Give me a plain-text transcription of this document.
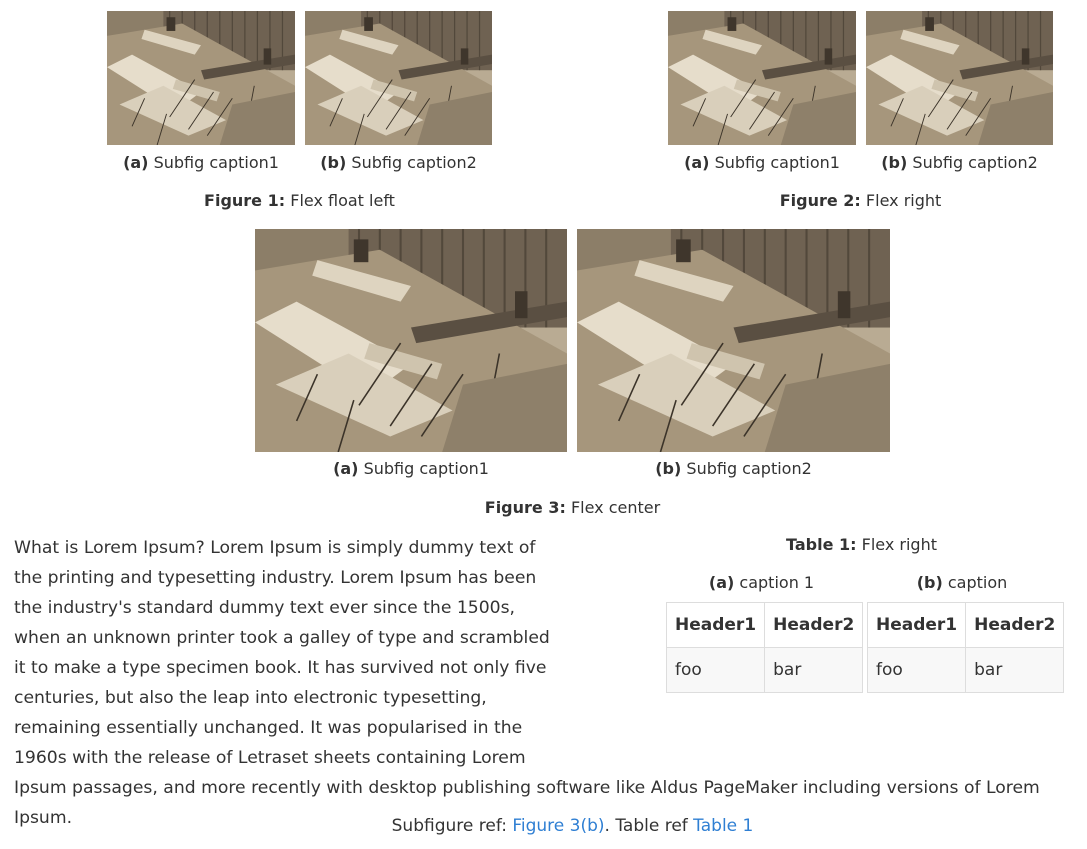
(a) Subfig caption1	(b) Subfig caption2
Figure 1: Flex float left
(a) Subfig caption1	(b) Subfig caption2
Figure 2: Flex right
(a) Subfig caption1	(b) Subfig caption2
Figure 3: Flex center
What is Lorem Ipsum? Lorem Ipsum is simply dummy text of the printing and typesetting industry. Lorem Ipsum has been the industry's standard dummy text ever since the 1500s, when an unknown printer took a galley of type and scrambled it to make a type specimen book. It has survived not only five centuries, but also the leap into electronic typesetting, remaining essentially unchanged. It was popularised in the 1960s with the release of Letraset sheets containing Lorem Ipsum passages, and more recently with desktop publishing software like Aldus PageMaker including versions of Lorem Ipsum.
Table 1: Flex right
(a) caption 1	(b) caption
Header1	Header2
foo	bar
Header1	Header2
foo	bar
Subfigure ref: Figure 3(b). Table ref Table 1
